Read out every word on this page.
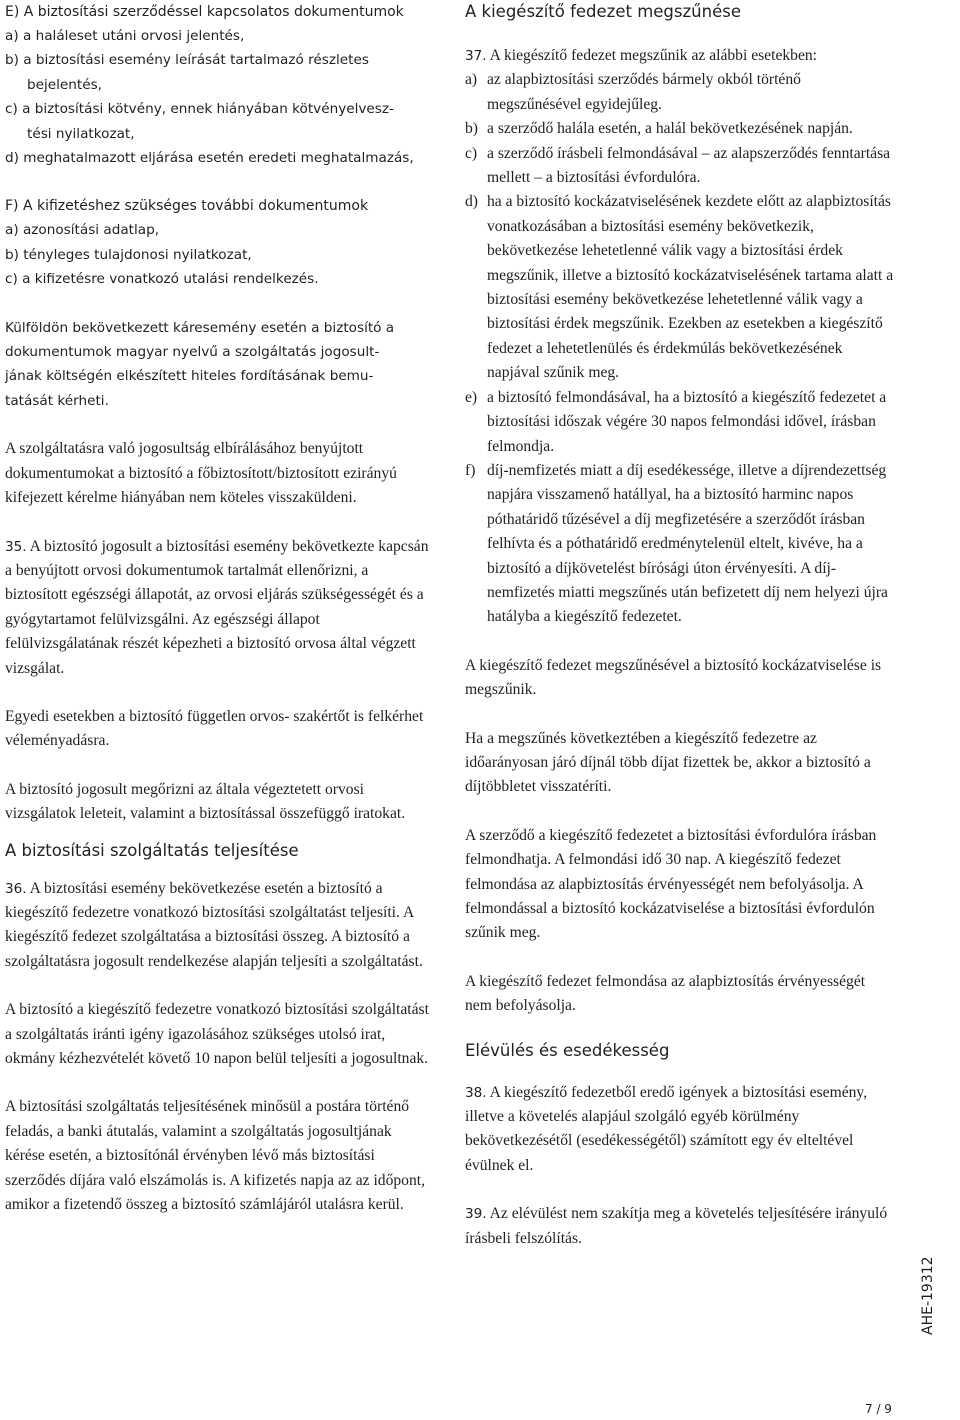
E) A biztosítási szerződéssel kapcsolatos dokumentumok
a) a haláleset utáni orvosi jelentés,
b) a biztosítási esemény leírását tartalmazó részletes
bejelentés,
c) a biztosítási kötvény, ennek hiányában kötvényelvesz-
tési nyilatkozat,
d) meghatalmazott eljárása esetén eredeti meghatalmazás,
F) A kifizetéshez szükséges további dokumentumok
a) azonosítási adatlap,
b) tényleges tulajdonosi nyilatkozat,
c) a kifizetésre vonatkozó utalási rendelkezés.
Külföldön bekövetkezett káresemény esetén a biztosító a
dokumentumok magyar nyelvű a szolgáltatás jogosult-
jának költségén elkészített hiteles fordításának bemu-
tatását kérheti.

A szolgáltatásra való jogosultság elbírálásához benyújtott dokumentumokat a biztosító a főbiztosított/biztosított ezirányú kifejezett kérelme hiányában nem köteles visszaküldeni.

35. A biztosító jogosult a biztosítási esemény bekövetkezte kapcsán a benyújtott orvosi dokumentumok tartalmát ellenőrizni, a biztosított egészségi állapotát, az orvosi eljárás szükségességét és a gyógytartamot felülvizsgálni. Az egészségi állapot felülvizsgálatának részét képezheti a biztosító orvosa által végzett vizsgálat.

Egyedi esetekben a biztosító független orvos- szakértőt is felkérhet véleményadásra.

A biztosító jogosult megőrizni az általa végeztetett orvosi vizsgálatok leleteit, valamint a biztosítással összefüggő iratokat.

A biztosítási szolgáltatás teljesítése

36. A biztosítási esemény bekövetkezése esetén a biztosító a kiegészítő fedezetre vonatkozó biztosítási szolgáltatást teljesíti. A kiegészítő fedezet szolgáltatása a biztosítási összeg. A biztosító a szolgáltatásra jogosult rendelkezése alapján teljesíti a szolgáltatást.

A biztosító a kiegészítő fedezetre vonatkozó biztosítási szolgáltatást a szolgáltatás iránti igény igazolásához szükséges utolsó irat, okmány kézhezvételét követő 10 napon belül teljesíti a jogosultnak.

A biztosítási szolgáltatás teljesítésének minősül a postára történő feladás, a banki átutalás, valamint a szolgáltatás jogosultjának kérése esetén, a biztosítónál érvényben lévő más biztosítási szerződés díjára való elszámolás is. A kifizetés napja az az időpont, amikor a fizetendő összeg a biztosító számlájáról utalásra kerül.

A kiegészítő fedezet megszűnése

37. A kiegészítő fedezet megszűnik az alábbi esetekben:

a) az alapbiztosítási szerződés bármely okból történő megszűnésével egyidejűleg.
b) a szerződő halála esetén, a halál bekövetkezésének napján.
c) a szerződő írásbeli felmondásával – az alapszerződés fenntartása mellett – a biztosítási évfordulóra.
d) ha a biztosító kockázatviselésének kezdete előtt az alapbiztosítás vonatkozásában a biztosítási esemény bekövetkezik, bekövetkezése lehetetlenné válik vagy a biztosítási érdek megszűnik, illetve a biztosító kockázatviselésének tartama alatt a biztosítási esemény bekövetkezése lehetetlenné válik vagy a biztosítási érdek megszűnik. Ezekben az esetekben a kiegészítő fedezet a lehetetlenülés és érdekmúlás bekövetkezésének napjával szűnik meg.
e) a biztosító felmondásával, ha a biztosító a kiegészítő fedezetet a biztosítási időszak végére 30 napos felmondási idővel, írásban felmondja.
f) díj-nemfizetés miatt a díj esedékessége, illetve a díjrendezettség napjára visszamenő hatállyal, ha a biztosító harminc napos póthatáridő tűzésével a díj megfizetésére a szerződőt írásban felhívta és a póthatáridő eredménytelenül eltelt, kivéve, ha a biztosító a díjkövetelést bírósági úton érvényesíti. A díj-nemfizetés miatti megszűnés után befizetett díj nem helyezi újra hatályba a kiegészítő fedezetet.

A kiegészítő fedezet megszűnésével a biztosító kockázatviselése is megszűnik.

Ha a megszűnés következtében a kiegészítő fedezetre az időarányosan járó díjnál több díjat fizettek be, akkor a biztosító a díjtöbbletet visszatéríti.

A szerződő a kiegészítő fedezetet a biztosítási évfordulóra írásban felmondhatja. A felmondási idő 30 nap. A kiegészítő fedezet felmondása az alapbiztosítás érvényességét nem befolyásolja. A felmondással a biztosító kockázatviselése a biztosítási évfordulón szűnik meg.

A kiegészítő fedezet felmondása az alapbiztosítás érvényességét nem befolyásolja.

Elévülés és esedékesség

38. A kiegészítő fedezetből eredő igények a biztosítási esemény, illetve a követelés alapjául szolgáló egyéb körülmény bekövetkezésétől (esedékességétől) számított egy év elteltével évülnek el.

39. Az elévülést nem szakítja meg a követelés teljesítésére irányuló írásbeli felszólítás.

AHE-19312
7 / 9
